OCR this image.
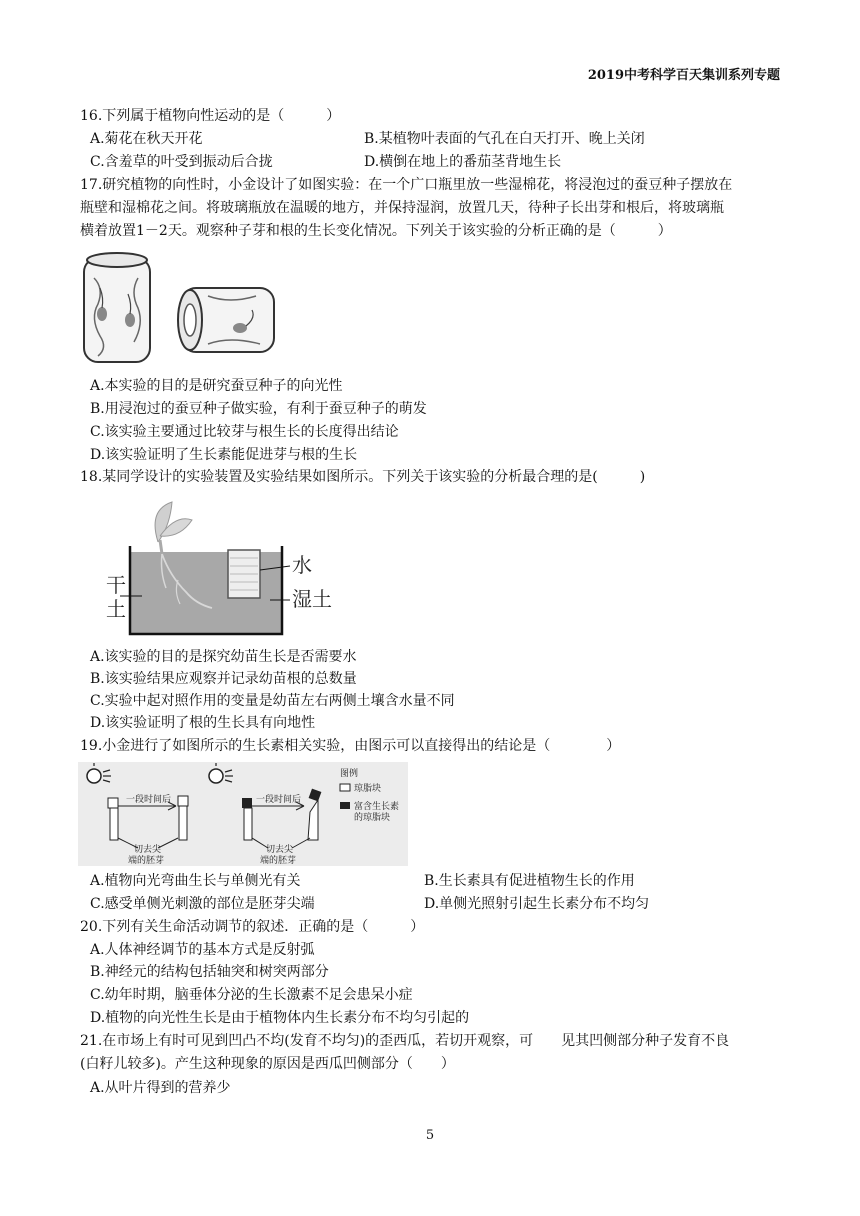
2019中考科学百天集训系列专题
16.下列属于植物向性运动的是（　　　）
A.菊花在秋天开花	B.某植物叶表面的气孔在白天打开、晚上关闭
C.含羞草的叶受到振动后合拢	D.横倒在地上的番茄茎背地生长
17.研究植物的向性时，小金设计了如图实验：在一个广口瓶里放一些湿棉花，将浸泡过的蚕豆种子摆放在
瓶壁和湿棉花之间。将玻璃瓶放在温暖的地方，并保持湿润，放置几天，待种子长出芽和根后，将玻璃瓶
横着放置1－2天。观察种子芽和根的生长变化情况。下列关于该实验的分析正确的是（　　　）
A.本实验的目的是研究蚕豆种子的向光性
B.用浸泡过的蚕豆种子做实验，有利于蚕豆种子的萌发
C.该实验主要通过比较芽与根生长的长度得出结论
D.该实验证明了生长素能促进芽与根的生长
18.某同学设计的实验装置及实验结果如图所示。下列关于该实验的分析最合理的是(　　　)
水
干
土	湿土
A.该实验的目的是探究幼苗生长是否需要水
B.该实验结果应观察并记录幼苗根的总数量
C.实验中起对照作用的变量是幼苗左右两侧土壤含水量不同
D.该实验证明了根的生长具有向地性
19.小金进行了如图所示的生长素相关实验，由图示可以直接得出的结论是（　　　　）
一段时间后
切去尖
端的胚芽
一段时间后
切去尖
端的胚芽
图例
琼脂块
富含生长素
的琼脂块
A.植物向光弯曲生长与单侧光有关	B.生长素具有促进植物生长的作用
C.感受单侧光刺激的部位是胚芽尖端	D.单侧光照射引起生长素分布不均匀
20.下列有关生命活动调节的叙述．正确的是（　　　）
A.人体神经调节的基本方式是反射弧
B.神经元的结构包括轴突和树突两部分
C.幼年时期，脑垂体分泌的生长激素不足会患呆小症
D.植物的向光性生长是由于植物体内生长素分布不均匀引起的
21.在市场上有时可见到凹凸不均(发育不均匀)的歪西瓜，若切开观察，可　　见其凹侧部分种子发育不良
(白籽儿较多)。产生这种现象的原因是西瓜凹侧部分（　　）
A.从叶片得到的营养少
5
